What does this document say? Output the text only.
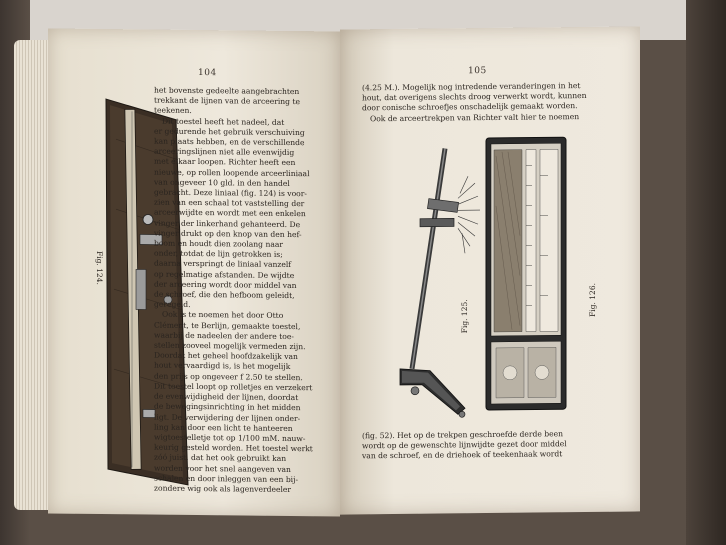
104
Fig. 124.
het bovenste gedeelte aangebrachten
trekkant de lijnen van de arceering te
teekenen.
Dit toestel heeft het nadeel, dat
er gedurende het gebruik verschuiving
kan plaats hebben, en de verschillende
arceeringslijnen niet alle evenwijdig
met elkaar loopen. Richter heeft een
nieuwe, op rollen loopende arceerliniaal
van ongeveer 10 gld. in den handel
gebracht. Deze liniaal (fig. 124) is voor-
zien van een schaal tot vaststelling der
arceerwijdte en wordt met een enkelen
vinger der linkerhand gehanteerd. De
vinger drukt op den knop van den hef-
boom en houdt dien zoolang naar
onder, totdat de lijn getrokken is;
daarna verspringt de liniaal vanzelf
op regelmatige afstanden. De wijdte
der arceering wordt door middel van
de schroef, die den hefboom geleidt,
geregeld.
Ook is te noemen het door Otto
Clément, te Berlijn, gemaakte toestel,
waarbij de nadeelen der andere toe-
stellen zooveel mogelijk vermeden zijn.
Doordat het geheel hoofdzakelijk van
hout vervaardigd is, is het mogelijk
den prijs op ongeveer f 2.50 te stellen.
Dit toestel loopt op rolletjes en verzekert
de evenwijdigheid der lijnen, doordat
de bewegingsinrichting in het midden
ligt. De verwijdering der lijnen onder-
ling kan door een licht te hanteeren
wigtoestelletje tot op 1/100 mM. nauw-
keurig gesteld worden. Het toestel werkt
zóó juist, dat het ook gebruikt kan
worden voor het snel aangeven van
schalen en door inleggen van een bij-
zondere wig ook als lagenverdeeler
105
(4.25 M.). Mogelijk nog intredende veranderingen in het
hout, dat overigens slechts droog verwerkt wordt, kunnen
door conische schroefjes onschadelijk gemaakt worden.
Ook de arceertrekpen van Richter valt hier te noemen
Fig. 125.	Fig. 126.
(fig. 52). Het op de trekpen geschroefde derde been
wordt op de gewenschte lijnwijdte gezet door middel
van de schroef, en de driehoek of teekenhaak wordt
